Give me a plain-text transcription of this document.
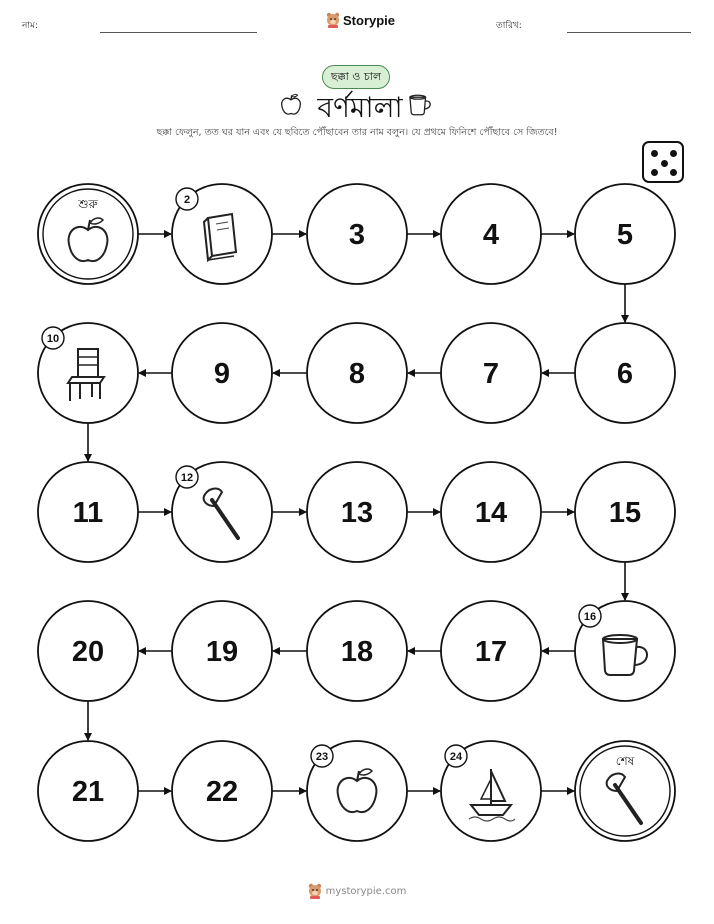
নাম:	Storypie	তারিখ:
ছক্কা ও চাল
বর্ণমালা
ছক্কা ফেলুন, তত ঘর যান এবং যে ছবিতে পৌঁছাবেন তার নাম বলুন। যে প্রথমে ফিনিশে পৌঁছাবে সে জিতবে!
শুরু	2
3	4	5
6
7
8
9
10
11
12
13	14	15
16
17
18
19
20
21	22
23	24	শেষ
mystorypie.com
